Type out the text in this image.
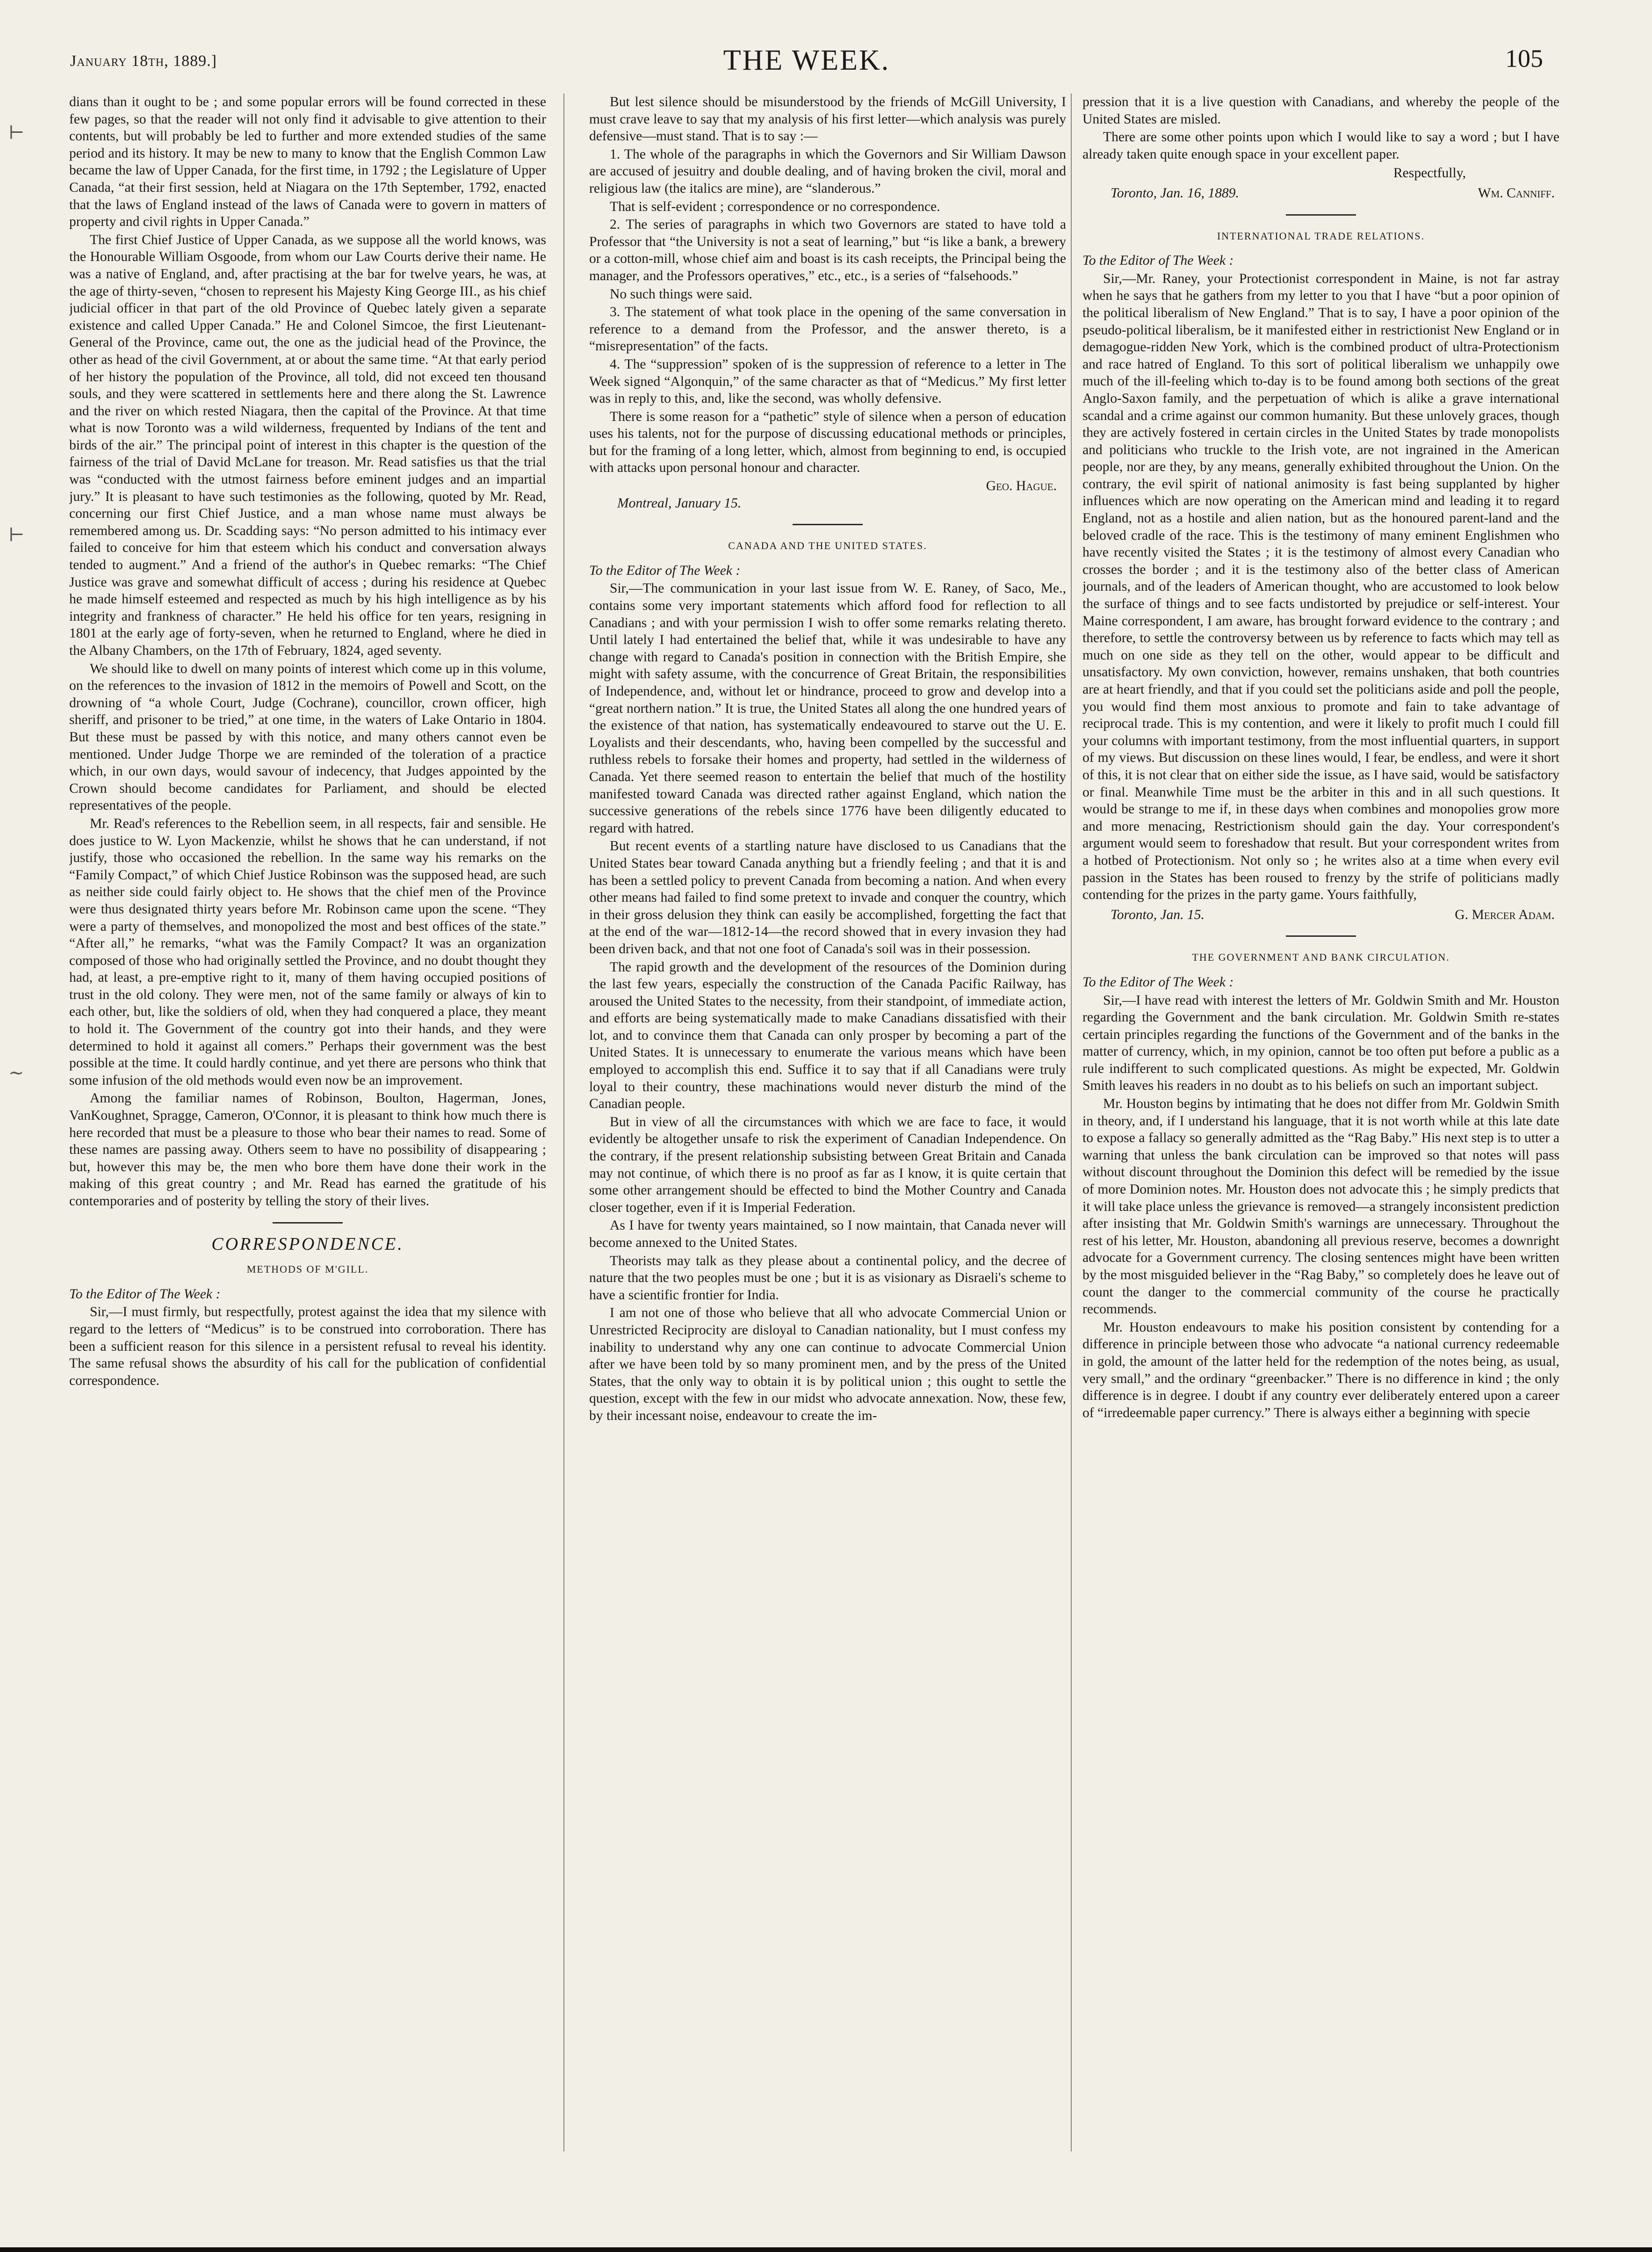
January 18th, 1889.]	THE WEEK.	105
⊢
⊢
∼

dians than it ought to be ; and some popular errors will be found corrected in these few pages, so that the reader will not only find it advisable to give attention to their contents, but will probably be led to further and more extended studies of the same period and its history. It may be new to many to know that the English Common Law became the law of Upper Canada, for the first time, in 1792 ; the Legislature of Upper Canada, “at their first session, held at Niagara on the 17th September, 1792, enacted that the laws of England instead of the laws of Canada were to govern in matters of property and civil rights in Upper Canada.”

The first Chief Justice of Upper Canada, as we suppose all the world knows, was the Honourable William Osgoode, from whom our Law Courts derive their name. He was a native of England, and, after practising at the bar for twelve years, he was, at the age of thirty-seven, “chosen to represent his Majesty King George III., as his chief judicial officer in that part of the old Province of Quebec lately given a separate existence and called Upper Canada.” He and Colonel Simcoe, the first Lieutenant-General of the Province, came out, the one as the judicial head of the Province, the other as head of the civil Government, at or about the same time. “At that early period of her history the population of the Province, all told, did not exceed ten thousand souls, and they were scattered in settlements here and there along the St. Lawrence and the river on which rested Niagara, then the capital of the Province. At that time what is now Toronto was a wild wilderness, frequented by Indians of the tent and birds of the air.” The principal point of interest in this chapter is the question of the fairness of the trial of David McLane for treason. Mr. Read satisfies us that the trial was “conducted with the utmost fairness before eminent judges and an impartial jury.” It is pleasant to have such testimonies as the following, quoted by Mr. Read, concerning our first Chief Justice, and a man whose name must always be remembered among us. Dr. Scadding says: “No person admitted to his intimacy ever failed to conceive for him that esteem which his conduct and conversation always tended to augment.” And a friend of the author's in Quebec remarks: “The Chief Justice was grave and somewhat difficult of access ; during his residence at Quebec he made himself esteemed and respected as much by his high intelligence as by his integrity and frankness of character.” He held his office for ten years, resigning in 1801 at the early age of forty-seven, when he returned to England, where he died in the Albany Chambers, on the 17th of February, 1824, aged seventy.

We should like to dwell on many points of interest which come up in this volume, on the references to the invasion of 1812 in the memoirs of Powell and Scott, on the drowning of “a whole Court, Judge (Cochrane), councillor, crown officer, high sheriff, and prisoner to be tried,” at one time, in the waters of Lake Ontario in 1804. But these must be passed by with this notice, and many others cannot even be mentioned. Under Judge Thorpe we are reminded of the toleration of a practice which, in our own days, would savour of indecency, that Judges appointed by the Crown should become candidates for Parliament, and should be elected representatives of the people.

Mr. Read's references to the Rebellion seem, in all respects, fair and sensible. He does justice to W. Lyon Mackenzie, whilst he shows that he can understand, if not justify, those who occasioned the rebellion. In the same way his remarks on the “Family Compact,” of which Chief Justice Robinson was the supposed head, are such as neither side could fairly object to. He shows that the chief men of the Province were thus designated thirty years before Mr. Robinson came upon the scene. “They were a party of themselves, and monopolized the most and best offices of the state.” “After all,” he remarks, “what was the Family Compact? It was an organization composed of those who had originally settled the Province, and no doubt thought they had, at least, a pre-emptive right to it, many of them having occupied positions of trust in the old colony. They were men, not of the same family or always of kin to each other, but, like the soldiers of old, when they had conquered a place, they meant to hold it. The Government of the country got into their hands, and they were determined to hold it against all comers.” Perhaps their government was the best possible at the time. It could hardly continue, and yet there are persons who think that some infusion of the old methods would even now be an improvement.

Among the familiar names of Robinson, Boulton, Hagerman, Jones, VanKoughnet, Spragge, Cameron, O'Connor, it is pleasant to think how much there is here recorded that must be a pleasure to those who bear their names to read. Some of these names are passing away. Others seem to have no possibility of disappearing ; but, however this may be, the men who bore them have done their work in the making of this great country ; and Mr. Read has earned the gratitude of his contemporaries and of posterity by telling the story of their lives.

CORRESPONDENCE.
METHODS OF M'GILL.

To the Editor of The Week :

Sir,—I must firmly, but respectfully, protest against the idea that my silence with regard to the letters of “Medicus” is to be construed into corroboration. There has been a sufficient reason for this silence in a persistent refusal to reveal his identity. The same refusal shows the absurdity of his call for the publication of confidential correspondence.

But lest silence should be misunderstood by the friends of McGill University, I must crave leave to say that my analysis of his first letter—which analysis was purely defensive—must stand. That is to say :—

1. The whole of the paragraphs in which the Governors and Sir William Dawson are accused of jesuitry and double dealing, and of having broken the civil, moral and religious law (the italics are mine), are “slanderous.”

That is self-evident ; correspondence or no correspondence.

2. The series of paragraphs in which two Governors are stated to have told a Professor that “the University is not a seat of learning,” but “is like a bank, a brewery or a cotton-mill, whose chief aim and boast is its cash receipts, the Principal being the manager, and the Professors operatives,” etc., etc., is a series of “falsehoods.”

No such things were said.

3. The statement of what took place in the opening of the same conversation in reference to a demand from the Professor, and the answer thereto, is a “misrepresentation” of the facts.

4. The “suppression” spoken of is the suppression of reference to a letter in The Week signed “Algonquin,” of the same character as that of “Medicus.” My first letter was in reply to this, and, like the second, was wholly defensive.

There is some reason for a “pathetic” style of silence when a person of education uses his talents, not for the purpose of discussing educational methods or principles, but for the framing of a long letter, which, almost from beginning to end, is occupied with attacks upon personal honour and character.

Geo. Hague.

Montreal, January 15.

CANADA AND THE UNITED STATES.

To the Editor of The Week :

Sir,—The communication in your last issue from W. E. Raney, of Saco, Me., contains some very important statements which afford food for reflection to all Canadians ; and with your permission I wish to offer some remarks relating thereto. Until lately I had entertained the belief that, while it was undesirable to have any change with regard to Canada's position in connection with the British Empire, she might with safety assume, with the concurrence of Great Britain, the responsibilities of Independence, and, without let or hindrance, proceed to grow and develop into a “great northern nation.” It is true, the United States all along the one hundred years of the existence of that nation, has systematically endeavoured to starve out the U. E. Loyalists and their descendants, who, having been compelled by the successful and ruthless rebels to forsake their homes and property, had settled in the wilderness of Canada. Yet there seemed reason to entertain the belief that much of the hostility manifested toward Canada was directed rather against England, which nation the successive generations of the rebels since 1776 have been diligently educated to regard with hatred.

But recent events of a startling nature have disclosed to us Canadians that the United States bear toward Canada anything but a friendly feeling ; and that it is and has been a settled policy to prevent Canada from becoming a nation. And when every other means had failed to find some pretext to invade and conquer the country, which in their gross delusion they think can easily be accomplished, forgetting the fact that at the end of the war—1812-14—the record showed that in every invasion they had been driven back, and that not one foot of Canada's soil was in their possession.

The rapid growth and the development of the resources of the Dominion during the last few years, especially the construction of the Canada Pacific Railway, has aroused the United States to the necessity, from their standpoint, of immediate action, and efforts are being systematically made to make Canadians dissatisfied with their lot, and to convince them that Canada can only prosper by becoming a part of the United States. It is unnecessary to enumerate the various means which have been employed to accomplish this end. Suffice it to say that if all Canadians were truly loyal to their country, these machinations would never disturb the mind of the Canadian people.

But in view of all the circumstances with which we are face to face, it would evidently be altogether unsafe to risk the experiment of Canadian Independence. On the contrary, if the present relationship subsisting between Great Britain and Canada may not continue, of which there is no proof as far as I know, it is quite certain that some other arrangement should be effected to bind the Mother Country and Canada closer together, even if it is Imperial Federation.

As I have for twenty years maintained, so I now maintain, that Canada never will become annexed to the United States.

Theorists may talk as they please about a continental policy, and the decree of nature that the two peoples must be one ; but it is as visionary as Disraeli's scheme to have a scientific frontier for India.

I am not one of those who believe that all who advocate Commercial Union or Unrestricted Reciprocity are disloyal to Canadian nationality, but I must confess my inability to understand why any one can continue to advocate Commercial Union after we have been told by so many prominent men, and by the press of the United States, that the only way to obtain it is by political union ; this ought to settle the question, except with the few in our midst who advocate annexation. Now, these few, by their incessant noise, endeavour to create the im-

pression that it is a live question with Canadians, and whereby the people of the United States are misled.

There are some other points upon which I would like to say a word ; but I have already taken quite enough space in your excellent paper.

Respectfully,
Toronto, Jan. 16, 1889.	Wm. Canniff.
INTERNATIONAL TRADE RELATIONS.

To the Editor of The Week :

Sir,—Mr. Raney, your Protectionist correspondent in Maine, is not far astray when he says that he gathers from my letter to you that I have “but a poor opinion of the political liberalism of New England.” That is to say, I have a poor opinion of the pseudo-political liberalism, be it manifested either in restrictionist New England or in demagogue-ridden New York, which is the combined product of ultra-Protectionism and race hatred of England. To this sort of political liberalism we unhappily owe much of the ill-feeling which to-day is to be found among both sections of the great Anglo-Saxon family, and the perpetuation of which is alike a grave international scandal and a crime against our common humanity. But these unlovely graces, though they are actively fostered in certain circles in the United States by trade monopolists and politicians who truckle to the Irish vote, are not ingrained in the American people, nor are they, by any means, generally exhibited throughout the Union. On the contrary, the evil spirit of national animosity is fast being supplanted by higher influences which are now operating on the American mind and leading it to regard England, not as a hostile and alien nation, but as the honoured parent-land and the beloved cradle of the race. This is the testimony of many eminent Englishmen who have recently visited the States ; it is the testimony of almost every Canadian who crosses the border ; and it is the testimony also of the better class of American journals, and of the leaders of American thought, who are accustomed to look below the surface of things and to see facts undistorted by prejudice or self-interest. Your Maine correspondent, I am aware, has brought forward evidence to the contrary ; and therefore, to settle the controversy between us by reference to facts which may tell as much on one side as they tell on the other, would appear to be difficult and unsatisfactory. My own conviction, however, remains unshaken, that both countries are at heart friendly, and that if you could set the politicians aside and poll the people, you would find them most anxious to promote and fain to take advantage of reciprocal trade. This is my contention, and were it likely to profit much I could fill your columns with important testimony, from the most influential quarters, in support of my views. But discussion on these lines would, I fear, be endless, and were it short of this, it is not clear that on either side the issue, as I have said, would be satisfactory or final. Meanwhile Time must be the arbiter in this and in all such questions. It would be strange to me if, in these days when combines and monopolies grow more and more menacing, Restrictionism should gain the day. Your correspondent's argument would seem to foreshadow that result. But your correspondent writes from a hotbed of Protectionism. Not only so ; he writes also at a time when every evil passion in the States has been roused to frenzy by the strife of politicians madly contending for the prizes in the party game. Yours faithfully,

Toronto, Jan. 15.	G. Mercer Adam.
THE GOVERNMENT AND BANK CIRCULATION.

To the Editor of The Week :

Sir,—I have read with interest the letters of Mr. Goldwin Smith and Mr. Houston regarding the Government and the bank circulation. Mr. Goldwin Smith re-states certain principles regarding the functions of the Government and of the banks in the matter of currency, which, in my opinion, cannot be too often put before a public as a rule indifferent to such complicated questions. As might be expected, Mr. Goldwin Smith leaves his readers in no doubt as to his beliefs on such an important subject.

Mr. Houston begins by intimating that he does not differ from Mr. Goldwin Smith in theory, and, if I understand his language, that it is not worth while at this late date to expose a fallacy so generally admitted as the “Rag Baby.” His next step is to utter a warning that unless the bank circulation can be improved so that notes will pass without discount throughout the Dominion this defect will be remedied by the issue of more Dominion notes. Mr. Houston does not advocate this ; he simply predicts that it will take place unless the grievance is removed—a strangely inconsistent prediction after insisting that Mr. Goldwin Smith's warnings are unnecessary. Throughout the rest of his letter, Mr. Houston, abandoning all previous reserve, becomes a downright advocate for a Government currency. The closing sentences might have been written by the most misguided believer in the “Rag Baby,” so completely does he leave out of count the danger to the commercial community of the course he practically recommends.

Mr. Houston endeavours to make his position consistent by contending for a difference in principle between those who advocate “a national currency redeemable in gold, the amount of the latter held for the redemption of the notes being, as usual, very small,” and the ordinary “greenbacker.” There is no difference in kind ; the only difference is in degree. I doubt if any country ever deliberately entered upon a career of “irredeemable paper currency.” There is always either a beginning with specie
